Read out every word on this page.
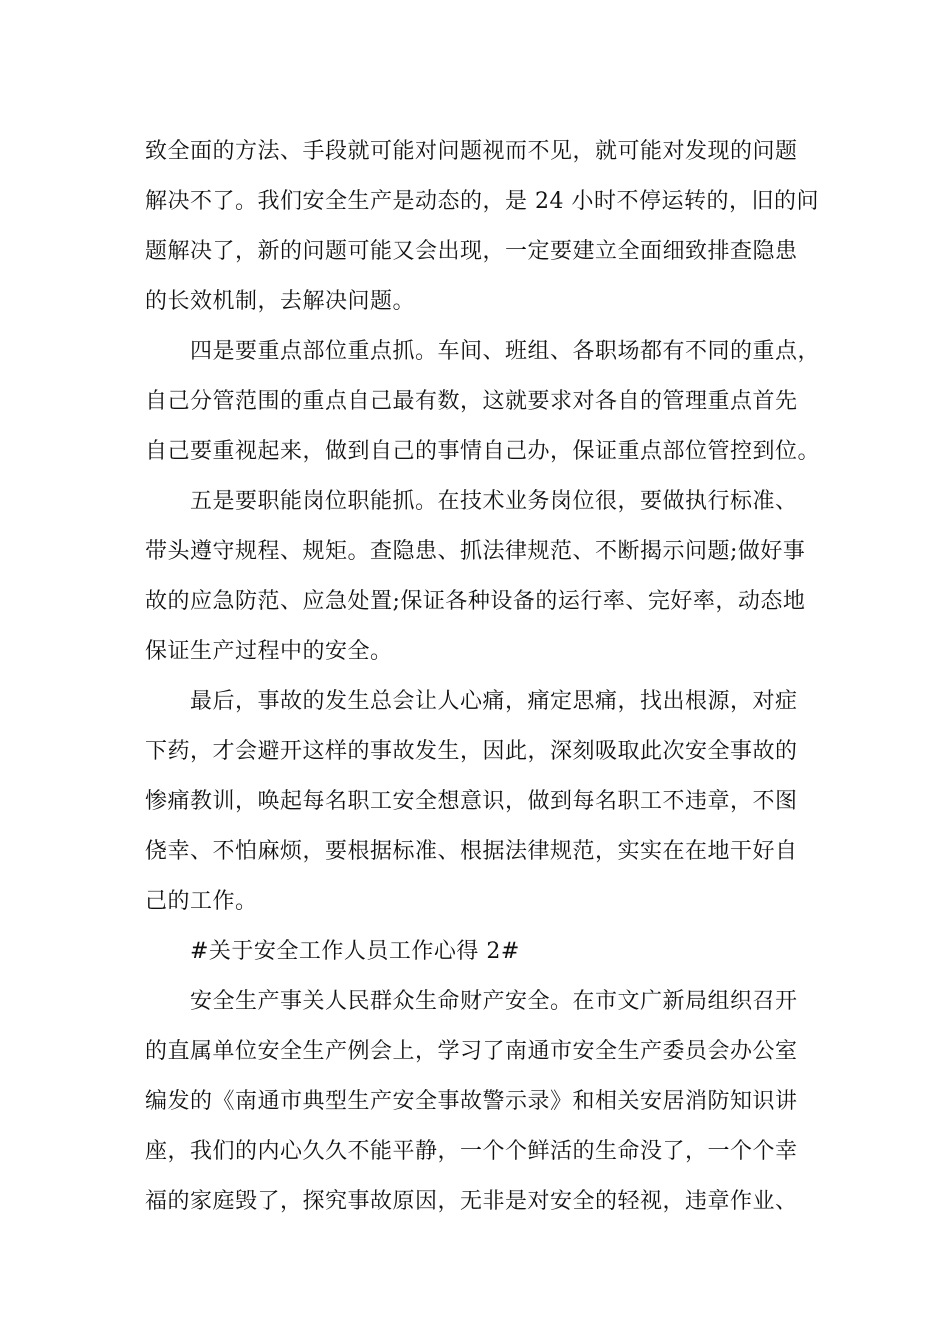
致全面的方法、手段就可能对问题视而不见，就可能对发现的问题
解决不了。我们安全生产是动态的，是 24 小时不停运转的，旧的问
题解决了，新的问题可能又会出现，一定要建立全面细致排查隐患
的长效机制，去解决问题。
四是要重点部位重点抓。车间、班组、各职场都有不同的重点，
自己分管范围的重点自己最有数，这就要求对各自的管理重点首先
自己要重视起来，做到自己的事情自己办，保证重点部位管控到位。
五是要职能岗位职能抓。在技术业务岗位很，要做执行标准、
带头遵守规程、规矩。查隐患、抓法律规范、不断揭示问题;做好事
故的应急防范、应急处置;保证各种设备的运行率、完好率，动态地
保证生产过程中的安全。
最后，事故的发生总会让人心痛，痛定思痛，找出根源，对症
下药，才会避开这样的事故发生，因此，深刻吸取此次安全事故的
惨痛教训，唤起每名职工安全想意识，做到每名职工不违章，不图
侥幸、不怕麻烦，要根据标准、根据法律规范，实实在在地干好自
己的工作。
#关于安全工作人员工作心得 2#
安全生产事关人民群众生命财产安全。在市文广新局组织召开
的直属单位安全生产例会上，学习了南通市安全生产委员会办公室
编发的《南通市典型生产安全事故警示录》和相关安居消防知识讲
座，我们的内心久久不能平静，一个个鲜活的生命没了，一个个幸
福的家庭毁了，探究事故原因，无非是对安全的轻视，违章作业、
